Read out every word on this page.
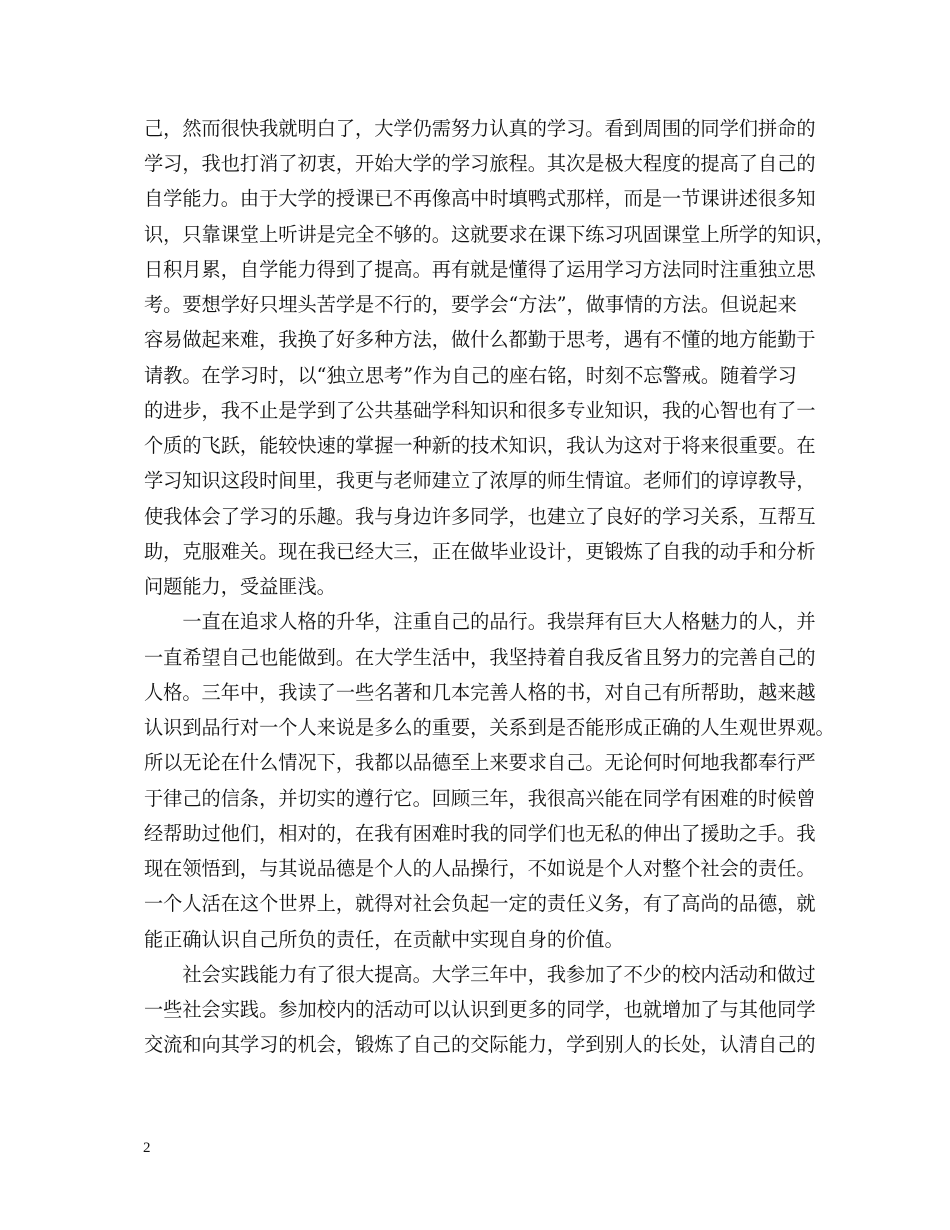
己，然而很快我就明白了，大学仍需努力认真的学习。看到周围的同学们拼命的
学习，我也打消了初衷，开始大学的学习旅程。其次是极大程度的提高了自己的
自学能力。由于大学的授课已不再像高中时填鸭式那样，而是一节课讲述很多知
识，只靠课堂上听讲是完全不够的。这就要求在课下练习巩固课堂上所学的知识，
日积月累，自学能力得到了提高。再有就是懂得了运用学习方法同时注重独立思
考。要想学好只埋头苦学是不行的，要学会“方法”，做事情的方法。但说起来
容易做起来难，我换了好多种方法，做什么都勤于思考，遇有不懂的地方能勤于
请教。在学习时，以“独立思考”作为自己的座右铭，时刻不忘警戒。随着学习
的进步，我不止是学到了公共基础学科知识和很多专业知识，我的心智也有了一
个质的飞跃，能较快速的掌握一种新的技术知识，我认为这对于将来很重要。在
学习知识这段时间里，我更与老师建立了浓厚的师生情谊。老师们的谆谆教导，
使我体会了学习的乐趣。我与身边许多同学，也建立了良好的学习关系，互帮互
助，克服难关。现在我已经大三，正在做毕业设计，更锻炼了自我的动手和分析
问题能力，受益匪浅。
　　一直在追求人格的升华，注重自己的品行。我崇拜有巨大人格魅力的人，并
一直希望自己也能做到。在大学生活中，我坚持着自我反省且努力的完善自己的
人格。三年中，我读了一些名著和几本完善人格的书，对自己有所帮助，越来越
认识到品行对一个人来说是多么的重要，关系到是否能形成正确的人生观世界观。
所以无论在什么情况下，我都以品德至上来要求自己。无论何时何地我都奉行严
于律己的信条，并切实的遵行它。回顾三年，我很高兴能在同学有困难的时候曾
经帮助过他们，相对的，在我有困难时我的同学们也无私的伸出了援助之手。我
现在领悟到，与其说品德是个人的人品操行，不如说是个人对整个社会的责任。
一个人活在这个世界上，就得对社会负起一定的责任义务，有了高尚的品德，就
能正确认识自己所负的责任，在贡献中实现自身的价值。
　　社会实践能力有了很大提高。大学三年中，我参加了不少的校内活动和做过
一些社会实践。参加校内的活动可以认识到更多的同学，也就增加了与其他同学
交流和向其学习的机会，锻炼了自己的交际能力，学到别人的长处，认清自己的
2
